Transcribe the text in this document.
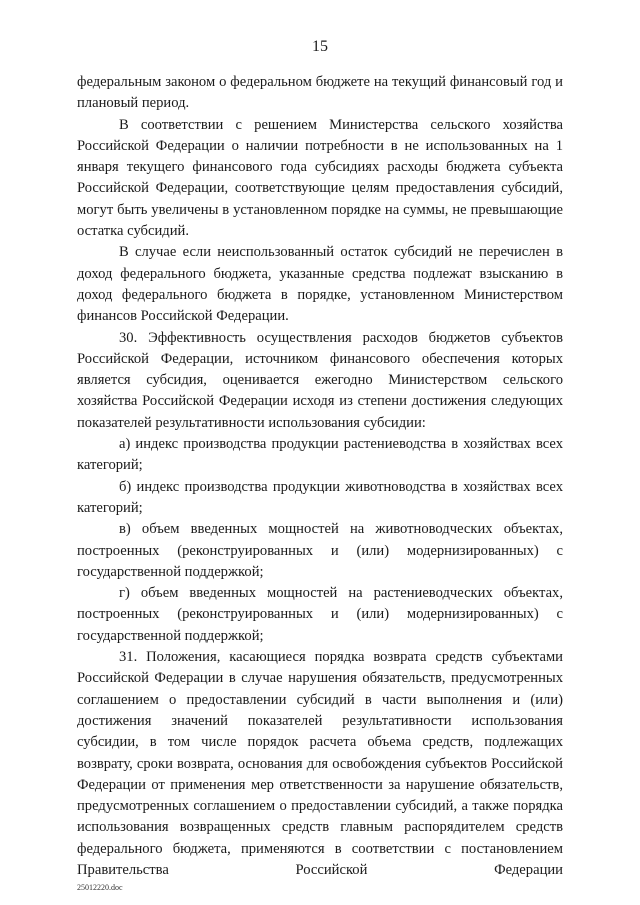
15

федеральным законом о федеральном бюджете на текущий финансовый год и плановый период.

В соответствии с решением Министерства сельского хозяйства Российской Федерации о наличии потребности в не использованных на 1 января текущего финансового года субсидиях расходы бюджета субъекта Российской Федерации, соответствующие целям предоставления субсидий, могут быть увеличены в установленном порядке на суммы, не превышающие остатка субсидий.

В случае если неиспользованный остаток субсидий не перечислен в доход федерального бюджета, указанные средства подлежат взысканию в доход федерального бюджета в порядке, установленном Министерством финансов Российской Федерации.

30. Эффективность осуществления расходов бюджетов субъектов Российской Федерации, источником финансового обеспечения которых является субсидия, оценивается ежегодно Министерством сельского хозяйства Российской Федерации исходя из степени достижения следующих показателей результативности использования субсидии:

а) индекс производства продукции растениеводства в хозяйствах всех категорий;

б) индекс производства продукции животноводства в хозяйствах всех категорий;

в) объем введенных мощностей на животноводческих объектах, построенных (реконструированных и (или) модернизированных) с государственной поддержкой;

г) объем введенных мощностей на растениеводческих объектах, построенных (реконструированных и (или) модернизированных) с государственной поддержкой;

31. Положения, касающиеся порядка возврата средств субъектами Российской Федерации в случае нарушения обязательств, предусмотренных соглашением о предоставлении субсидий в части выполнения и (или) достижения значений показателей результативности использования субсидии, в том числе порядок расчета объема средств, подлежащих возврату, сроки возврата, основания для освобождения субъектов Российской Федерации от применения мер ответственности за нарушение обязательств, предусмотренных соглашением о предоставлении субсидий, а также порядка использования возвращенных средств главным распорядителем средств федерального бюджета, применяются в соответствии с постановлением Правительства Российской Федерации

25012220.doc
